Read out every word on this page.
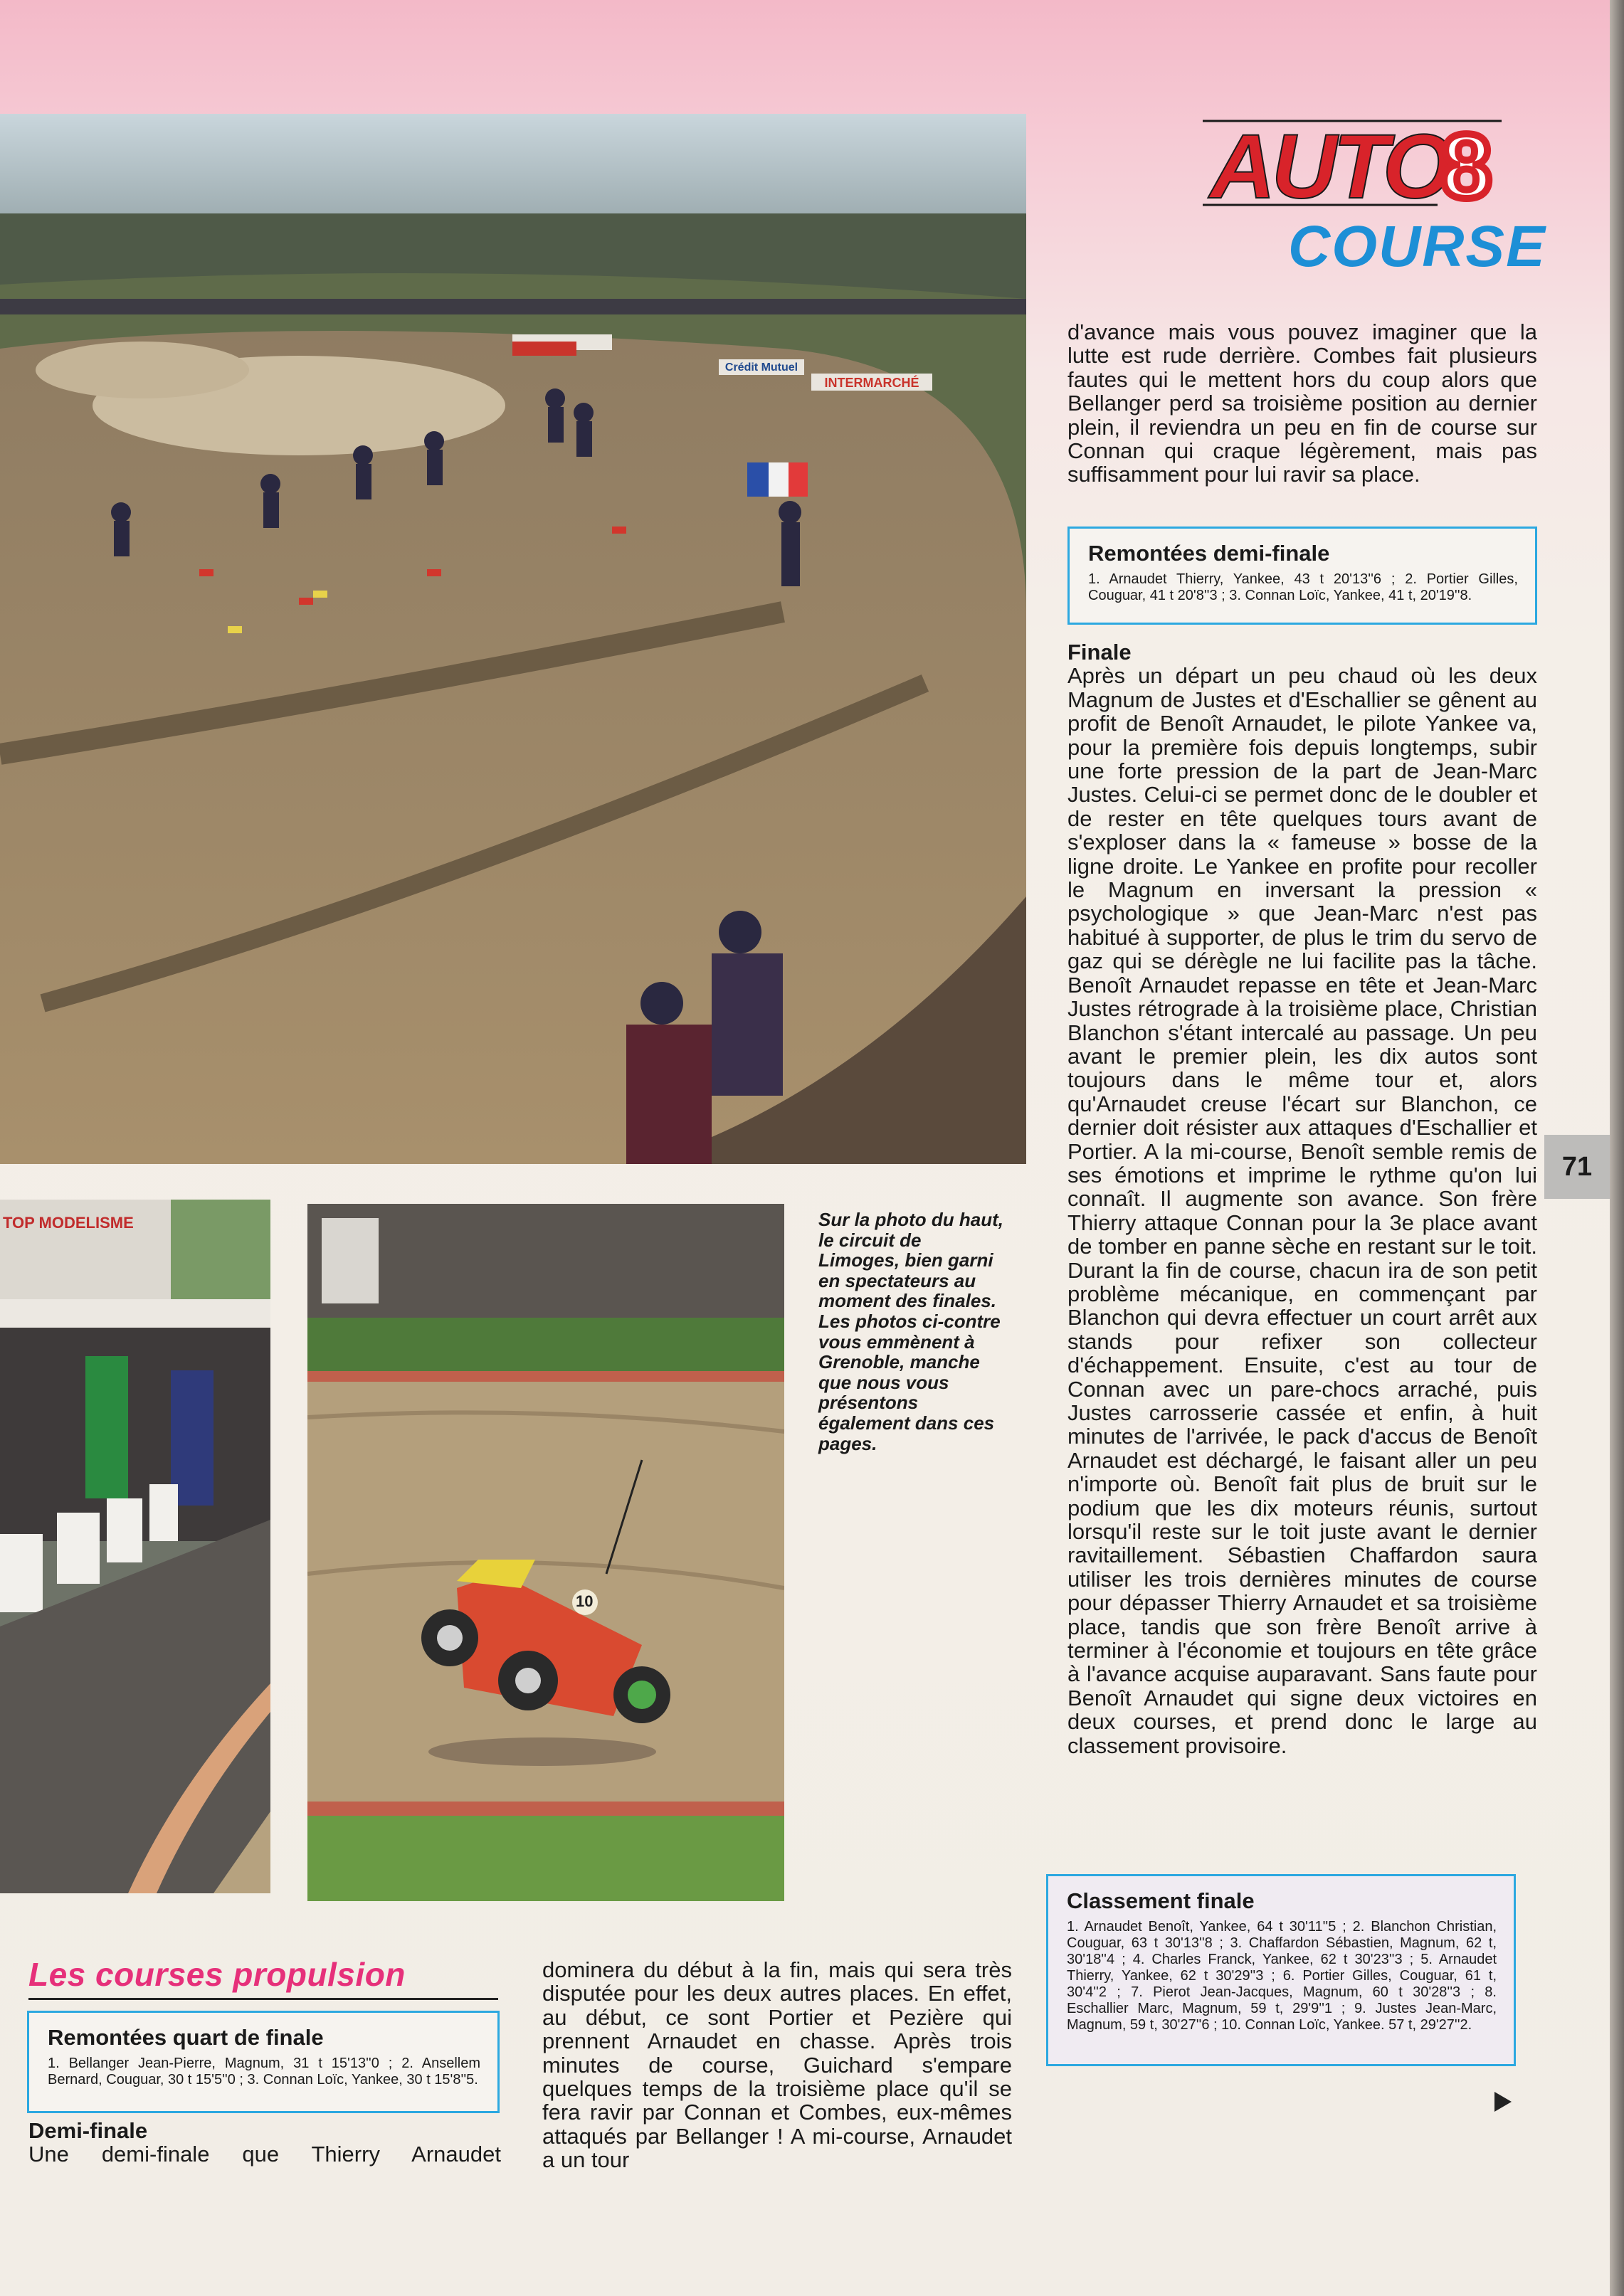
Crédit Mutuel
INTERMARCHÉ
TOP MODELISME
10
AUTO
8
COURSE

d'avance mais vous pouvez imaginer que la lutte est rude derrière. Combes fait plusieurs fautes qui le mettent hors du coup alors que Bellanger perd sa troisième position au dernier plein, il reviendra un peu en fin de course sur Connan qui craque légèrement, mais pas suffisamment pour lui ravir sa place.

Remontées demi-finale

1. Arnaudet Thierry, Yankee, 43 t 20'13''6 ; 2. Portier Gilles, Couguar, 41 t 20'8''3 ; 3. Connan Loïc, Yankee, 41 t, 20'19''8.

Finale

Après un départ un peu chaud où les deux Magnum de Justes et d'Eschallier se gênent au profit de Benoît Arnaudet, le pilote Yankee va, pour la première fois depuis longtemps, subir une forte pression de la part de Jean-Marc Justes. Celui-ci se permet donc de le doubler et de rester en tête quelques tours avant de s'exploser dans la « fameuse » bosse de la ligne droite. Le Yankee en profite pour recoller le Magnum en inversant la pression « psychologique » que Jean-Marc n'est pas habitué à supporter, de plus le trim du servo de gaz qui se dérègle ne lui facilite pas la tâche. Benoît Arnaudet repasse en tête et Jean-Marc Justes rétrograde à la troisième place, Christian Blanchon s'étant intercalé au passage. Un peu avant le premier plein, les dix autos sont toujours dans le même tour et, alors qu'Arnaudet creuse l'écart sur Blanchon, ce dernier doit résister aux attaques d'Eschallier et Portier. A la mi-course, Benoît semble remis de ses émotions et imprime le rythme qu'on lui connaît. Il augmente son avance. Son frère Thierry attaque Connan pour la 3e place avant de tomber en panne sèche en restant sur le toit. Durant la fin de course, chacun ira de son petit problème mécanique, en commençant par Blanchon qui devra effectuer un court arrêt aux stands pour refixer son collecteur d'échappement. Ensuite, c'est au tour de Connan avec un pare-chocs arraché, puis Justes carrosserie cassée et enfin, à huit minutes de l'arrivée, le pack d'accus de Benoît Arnaudet est déchargé, le faisant aller un peu n'importe où. Benoît fait plus de bruit sur le podium que les dix moteurs réunis, surtout lorsqu'il reste sur le toit juste avant le dernier ravitaillement. Sébastien Chaffardon saura utiliser les trois dernières minutes de course pour dépasser Thierry Arnaudet et sa troisième place, tandis que son frère Benoît arrive à terminer à l'économie et toujours en tête grâce à l'avance acquise auparavant. Sans faute pour Benoît Arnaudet qui signe deux victoires en deux courses, et prend donc le large au classement provisoire.

71

Classement finale

1. Arnaudet Benoît, Yankee, 64 t 30'11''5 ; 2. Blanchon Christian, Couguar, 63 t 30'13''8 ; 3. Chaffardon Sébastien, Magnum, 62 t, 30'18''4 ; 4. Charles Franck, Yankee, 62 t 30'23''3 ; 5. Arnaudet Thierry, Yankee, 62 t 30'29''3 ; 6. Portier Gilles, Couguar, 61 t, 30'4''2 ; 7. Pierot Jean-Jacques, Magnum, 60 t 30'28''3 ; 8. Eschallier Marc, Magnum, 59 t, 29'9''1 ; 9. Justes Jean-Marc, Magnum, 59 t, 30'27''6 ; 10. Connan Loïc, Yankee. 57 t, 29'27''2.

Sur la photo du haut, le circuit de Limoges, bien garni en spectateurs au moment des finales. Les photos ci-contre vous emmènent à Grenoble, manche que nous vous présentons également dans ces pages.
Les courses propulsion

Remontées quart de finale

1. Bellanger Jean-Pierre, Magnum, 31 t 15'13''0 ; 2. Ansellem Bernard, Couguar, 30 t 15'5''0 ; 3. Connan Loïc, Yankee, 30 t 15'8''5.

Demi-finale

Une demi-finale que Thierry Arnaudet

dominera du début à la fin, mais qui sera très disputée pour les deux autres places. En effet, au début, ce sont Portier et Pezière qui prennent Arnaudet en chasse. Après trois minutes de course, Guichard s'empare quelques temps de la troisième place qu'il se fera ravir par Connan et Combes, eux-mêmes attaqués par Bellanger ! A mi-course, Arnaudet a un tour
